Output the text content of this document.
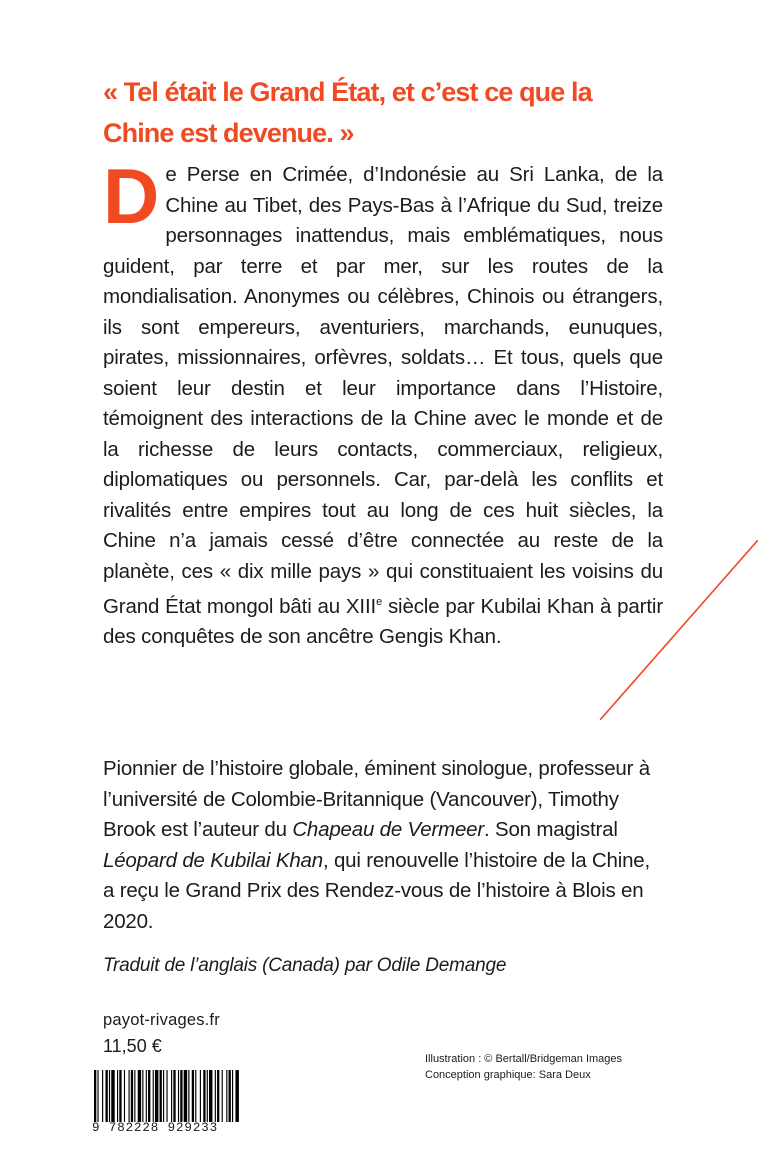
« Tel était le Grand État, et c’est ce que la Chine est devenue. »

De Perse en Crimée, d’Indonésie au Sri Lanka, de la Chine au Tibet, des Pays-Bas à l’Afrique du Sud, treize personnages inattendus, mais emblématiques, nous guident, par terre et par mer, sur les routes de la mondialisation. Anonymes ou célèbres, Chinois ou étrangers, ils sont empereurs, aventuriers, marchands, eunuques, pirates, missionnaires, orfèvres, soldats… Et tous, quels que soient leur destin et leur importance dans l’Histoire, témoignent des interactions de la Chine avec le monde et de la richesse de leurs contacts, commerciaux, religieux, diplomatiques ou personnels. Car, par-delà les conflits et rivalités entre empires tout au long de ces huit siècles, la Chine n’a jamais cessé d’être connectée au reste de la planète, ces « dix mille pays » qui constituaient les voisins du Grand État mongol bâti au XIIIe siècle par Kubilai Khan à partir des conquêtes de son ancêtre Gengis Khan.

Pionnier de l’histoire globale, éminent sinologue, professeur à l’université de Colombie-Britannique (Vancouver), Timothy Brook est l’auteur du Chapeau de Vermeer. Son magistral Léopard de Kubilai Khan, qui renouvelle l’histoire de la Chine, a reçu le Grand Prix des Rendez-vous de l’histoire à Blois en 2020.

Traduit de l’anglais (Canada) par Odile Demange

payot-rivages.fr

11,50 €

Illustration : © Bertall/Bridgeman Images
Conception graphique: Sara Deux

9 782228 929233
